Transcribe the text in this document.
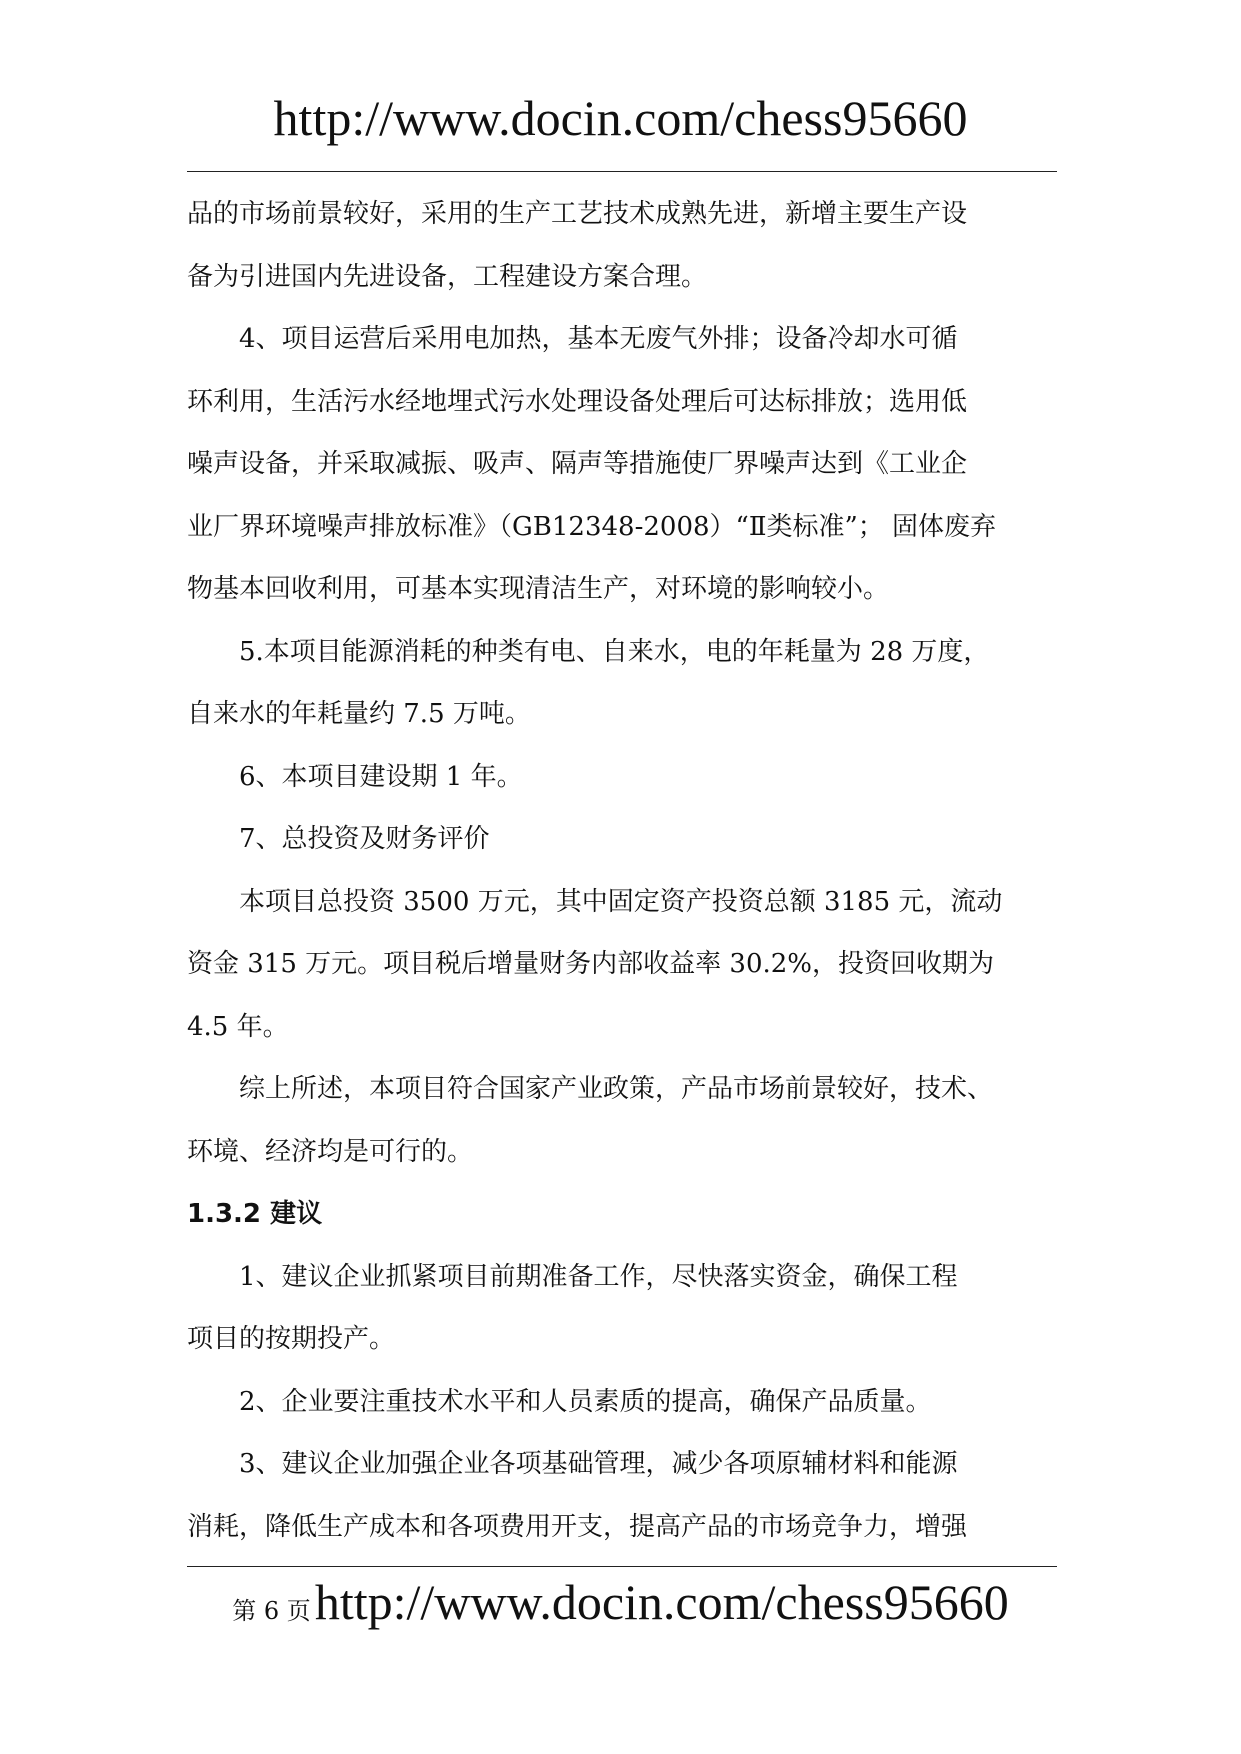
http://www.docin.com/chess95660
品的市场前景较好，采用的生产工艺技术成熟先进，新增主要生产设
备为引进国内先进设备，工程建设方案合理。
4、项目运营后采用电加热，基本无废气外排；设备冷却水可循
环利用，生活污水经地埋式污水处理设备处理后可达标排放；选用低
噪声设备，并采取减振、吸声、隔声等措施使厂界噪声达到《工业企
业厂界环境噪声排放标准》（GB12348-2008）“Ⅱ类标准”； 固体废弃
物基本回收利用，可基本实现清洁生产，对环境的影响较小。
5.本项目能源消耗的种类有电、自来水，电的年耗量为 28 万度，
自来水的年耗量约 7.5 万吨。
6、本项目建设期 1 年。
7、总投资及财务评价
本项目总投资 3500 万元，其中固定资产投资总额 3185 元，流动
资金 315 万元。项目税后增量财务内部收益率 30.2%，投资回收期为
4.5 年。
综上所述，本项目符合国家产业政策，产品市场前景较好，技术、
环境、经济均是可行的。
1.3.2 建议
1、建议企业抓紧项目前期准备工作，尽快落实资金，确保工程
项目的按期投产。
2、企业要注重技术水平和人员素质的提高，确保产品质量。
3、建议企业加强企业各项基础管理，减少各项原辅材料和能源
消耗，降低生产成本和各项费用开支，提高产品的市场竞争力，增强
第 6 页http://www.docin.com/chess95660
